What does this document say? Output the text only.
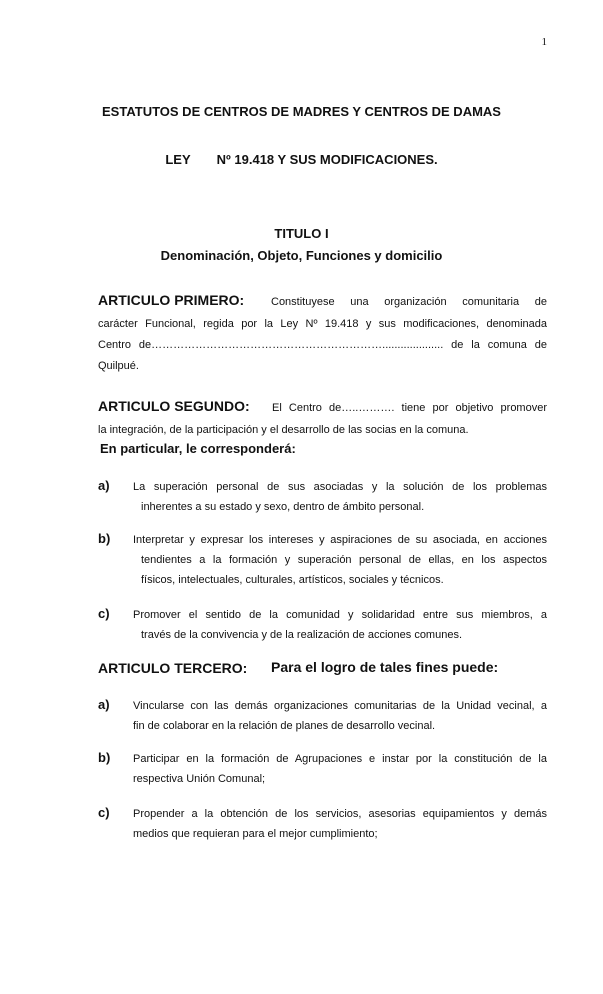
1
ESTATUTOS DE CENTROS DE MADRES Y CENTROS DE DAMAS
LEY Nº 19.418 Y SUS MODIFICACIONES.
TITULO I
Denominación, Objeto, Funciones y domicilio
ARTICULO PRIMERO: Constituyese una organización comunitaria de
carácter Funcional, regida por la Ley Nº 19.418 y sus modificaciones, denominada
Centro de……………………………………………………….................... de la comuna de
Quilpué.
ARTICULO SEGUNDO: El Centro de…..………. tiene por objetivo promover
la integración, de la participación y el desarrollo de las socias en la comuna.
En particular, le corresponderá:
a) La superación personal de sus asociadas y la solución de los problemas
inherentes a su estado y sexo, dentro de ámbito personal.
b) Interpretar y expresar los intereses y aspiraciones de su asociada, en acciones
tendientes a la formación y superación personal de ellas, en los aspectos
físicos, intelectuales, culturales, artísticos, sociales y técnicos.
c) Promover el sentido de la comunidad y solidaridad entre sus miembros, a
través de la convivencia y de la realización de acciones comunes.
ARTICULO TERCERO: Para el logro de tales fines puede:
a) Vincularse con las demás organizaciones comunitarias de la Unidad vecinal, a
fin de colaborar en la relación de planes de desarrollo vecinal.
b) Participar en la formación de Agrupaciones e instar por la constitución de la
respectiva Unión Comunal;
c) Propender a la obtención de los servicios, asesorias equipamientos y demás
medios que requieran para el mejor cumplimiento;
